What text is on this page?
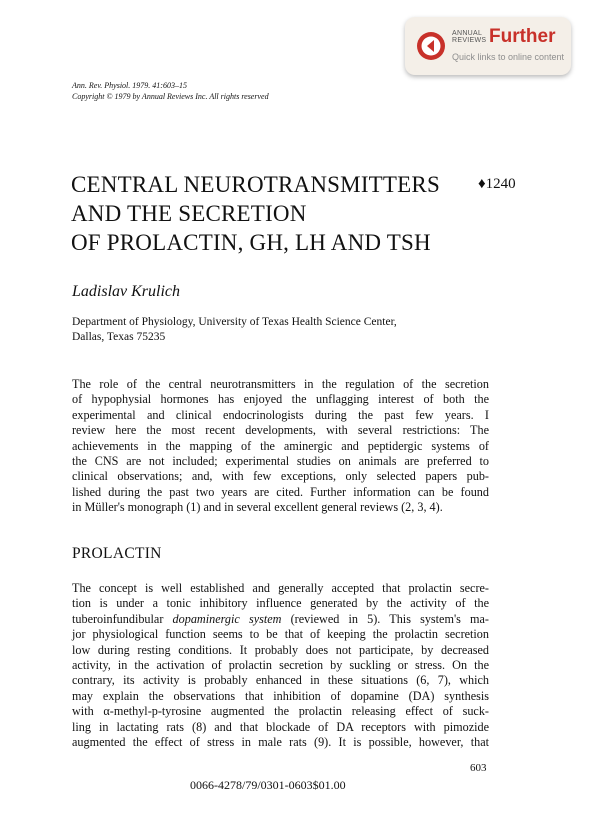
ANNUAL
REVIEWS Further
Quick links to online content
Ann. Rev. Physiol. 1979. 41:603–15
Copyright © 1979 by Annual Reviews Inc. All rights reserved
CENTRAL NEUROTRANSMITTERS
AND THE SECRETION
OF PROLACTIN, GH, LH AND TSH
♦1240
Ladislav Krulich
Department of Physiology, University of Texas Health Science Center,
Dallas, Texas 75235

The role of the central neurotransmitters in the regulation of the secretion
of hypophysial hormones has enjoyed the unflagging interest of both the
experimental and clinical endocrinologists during the past few years. I
review here the most recent developments, with several restrictions: The
achievements in the mapping of the aminergic and peptidergic systems of
the CNS are not included; experimental studies on animals are preferred to
clinical observations; and, with few exceptions, only selected papers pub-
lished during the past two years are cited. Further information can be found
in Müller's monograph (1) and in several excellent general reviews (2, 3, 4).

PROLACTIN

The concept is well established and generally accepted that prolactin secre-
tion is under a tonic inhibitory influence generated by the activity of the
tuberoinfundibular dopaminergic system (reviewed in 5). This system's ma-
jor physiological function seems to be that of keeping the prolactin secretion
low during resting conditions. It probably does not participate, by decreased
activity, in the activation of prolactin secretion by suckling or stress. On the
contrary, its activity is probably enhanced in these situations (6, 7), which
may explain the observations that inhibition of dopamine (DA) synthesis
with α-methyl-p-tyrosine augmented the prolactin releasing effect of suck-
ling in lactating rats (8) and that blockade of DA receptors with pimozide
augmented the effect of stress in male rats (9). It is possible, however, that

603
0066-4278/79/0301-0603$01.00
